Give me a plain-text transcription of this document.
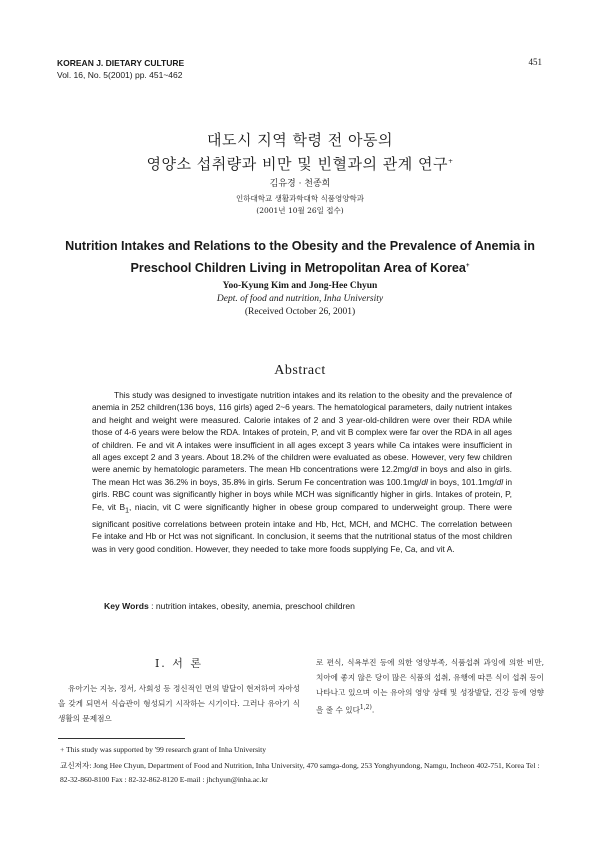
KOREAN J. DIETARY CULTURE
Vol. 16, No. 5(2001) pp. 451~462
451
대도시 지역 학령 전 아동의
영양소 섭취량과 비만 및 빈혈과의 관계 연구+
김유경 · 천종희
인하대학교 생활과학대학 식품영양학과
(2001년 10월 26일 접수)
Nutrition Intakes and Relations to the Obesity and the Prevalence of Anemia in
Preschool Children Living in Metropolitan Area of Korea+
Yoo-Kyung Kim and Jong-Hee Chyun
Dept. of food and nutrition, Inha University
(Received October 26, 2001)
Abstract

This study was designed to investigate nutrition intakes and its relation to the obesity and the prevalence of anemia in 252 children(136 boys, 116 girls) aged 2~6 years. The hematological parameters, daily nutrient intakes and height and weight were measured. Calorie intakes of 2 and 3 year-old-children were over their RDA while those of 4-6 years were below the RDA. Intakes of protein, P, and vit B complex were far over the RDA in all ages of children. Fe and vit A intakes were insufficient in all ages except 3 years while Ca intakes were insufficient in all ages except 2 and 3 years. About 18.2% of the children were evaluated as obese. However, very few children were anemic by hematologic parameters. The mean Hb concentrations were 12.2mg/dl in boys and also in girls. The mean Hct was 36.2% in boys, 35.8% in girls. Serum Fe concentration was 100.1mg/dl in boys, 101.1mg/dl in girls. RBC count was significantly higher in boys while MCH was significantly higher in girls. Intakes of protein, P, Fe, vit $B_1$, niacin, vit C were significantly higher in obese group compared to underweight group. There were significant positive correlations between protein intake and Hb, Hct, MCH, and MCHC. The correlation between Fe intake and Hb or Hct was not significant. In conclusion, it seems that the nutritional status of the most children was in very good condition. However, they needed to take more foods supplying Fe, Ca, and vit A.

Key Words : nutrition intakes, obesity, anemia, preschool children
I. 서 론

유아기는 지능, 정서, 사회성 등 정신적인 면의 발달이 현저하여 자아성을 갖게 되면서 식습관이 형성되기 시작하는 시기이다. 그러나 유아기 식생활의 문제점으

로 편식, 식욕부진 등에 의한 영양부족, 식품섭취 과잉에 의한 비만, 치아에 좋지 않은 당이 많은 식품의 섭취, 유행에 따른 식이 섭취 등이 나타나고 있으며 이는 유아의 영양 상태 및 성장발달, 건강 등에 영향을 줄 수 있다$^{1,2)}$.

+ This study was supported by '99 research grant of Inha University
교신저자: Jong Hee Chyun, Department of Food and Nutrition, Inha University, 470 samga-dong, 253 Yonghyundong, Namgu, Incheon 402-751, Korea Tel : 82-32-860-8100 Fax : 82-32-862-8120 E-mail : jhchyun@inha.ac.kr
